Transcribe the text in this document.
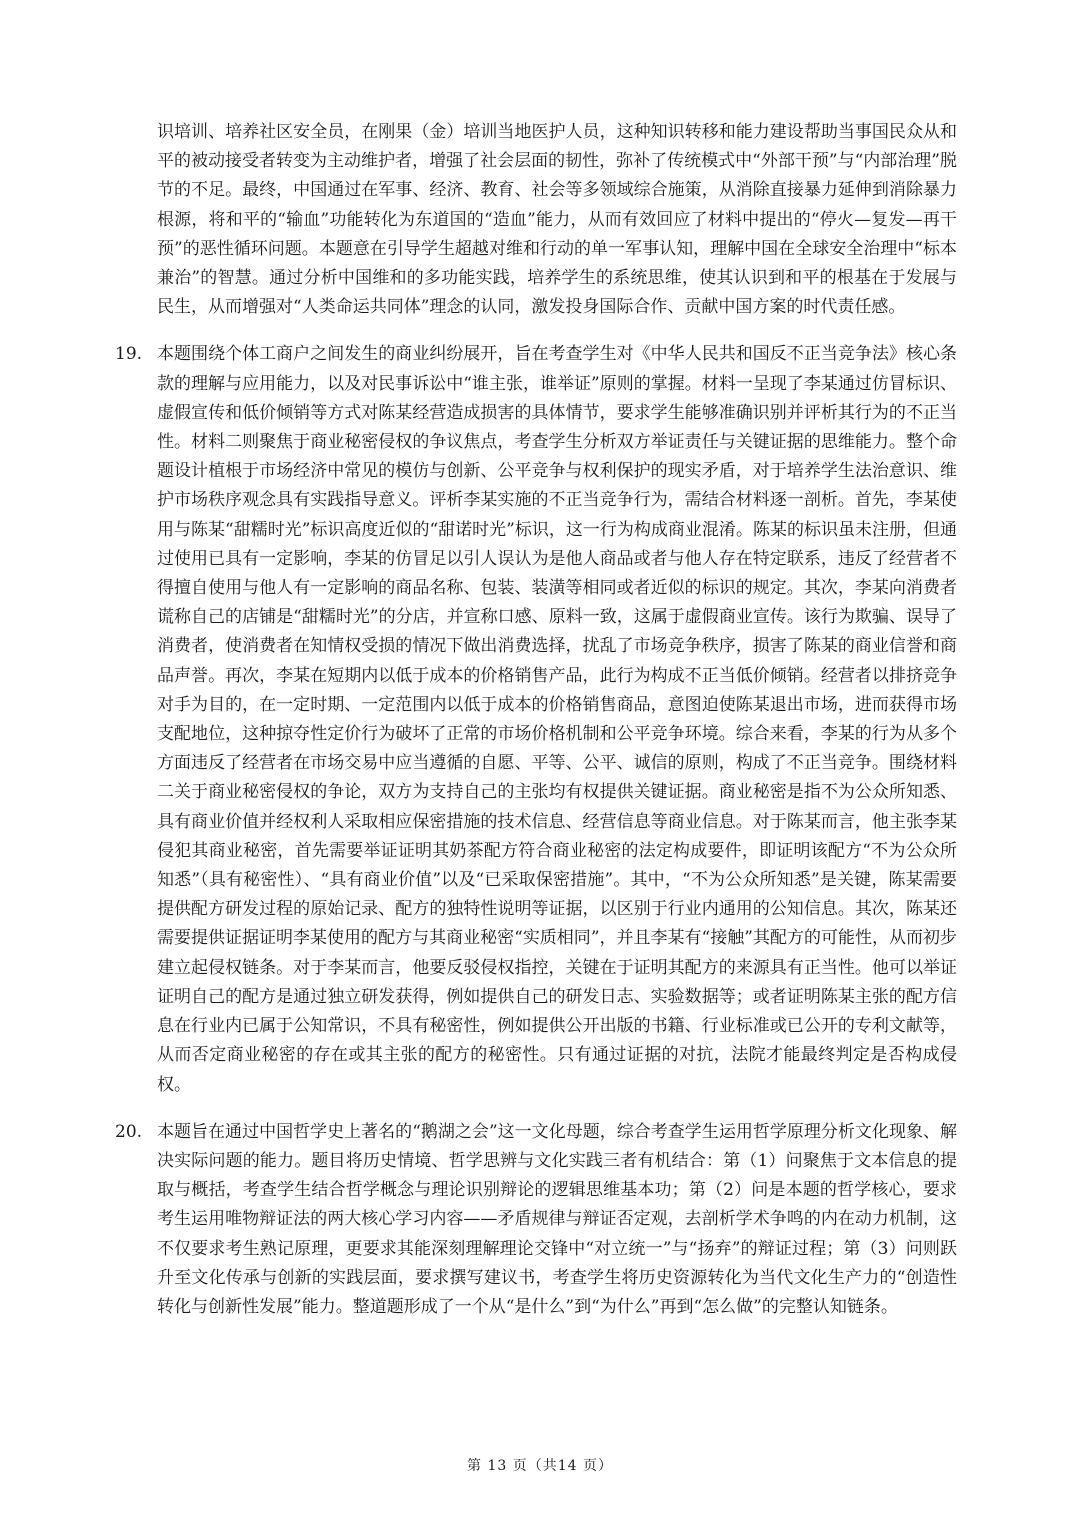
识培训、培养社区安全员，在刚果（金）培训当地医护人员，这种知识转移和能力建设帮助当事国民众从和平的被动接受者转变为主动维护者，增强了社会层面的韧性，弥补了传统模式中“外部干预”与“内部治理”脱节的不足。最终，中国通过在军事、经济、教育、社会等多领域综合施策，从消除直接暴力延伸到消除暴力根源，将和平的“输血”功能转化为东道国的“造血”能力，从而有效回应了材料中提出的“停火—复发—再干预”的恶性循环问题。本题意在引导学生超越对维和行动的单一军事认知，理解中国在全球安全治理中“标本兼治”的智慧。通过分析中国维和的多功能实践，培养学生的系统思维，使其认识到和平的根基在于发展与民生，从而增强对“人类命运共同体”理念的认同，激发投身国际合作、贡献中国方案的时代责任感。

19. 本题围绕个体工商户之间发生的商业纠纷展开，旨在考查学生对《中华人民共和国反不正当竞争法》核心条款的理解与应用能力，以及对民事诉讼中“谁主张，谁举证”原则的掌握。材料一呈现了李某通过仿冒标识、虚假宣传和低价倾销等方式对陈某经营造成损害的具体情节，要求学生能够准确识别并评析其行为的不正当性。材料二则聚焦于商业秘密侵权的争议焦点，考查学生分析双方举证责任与关键证据的思维能力。整个命题设计植根于市场经济中常见的模仿与创新、公平竞争与权利保护的现实矛盾，对于培养学生法治意识、维护市场秩序观念具有实践指导意义。评析李某实施的不正当竞争行为，需结合材料逐一剖析。首先，李某使用与陈某“甜糯时光”标识高度近似的“甜诺时光”标识，这一行为构成商业混淆。陈某的标识虽未注册，但通过使用已具有一定影响，李某的仿冒足以引人误认为是他人商品或者与他人存在特定联系，违反了经营者不得擅自使用与他人有一定影响的商品名称、包装、装潢等相同或者近似的标识的规定。其次，李某向消费者谎称自己的店铺是“甜糯时光”的分店，并宣称口感、原料一致，这属于虚假商业宣传。该行为欺骗、误导了消费者，使消费者在知情权受损的情况下做出消费选择，扰乱了市场竞争秩序，损害了陈某的商业信誉和商品声誉。再次，李某在短期内以低于成本的价格销售产品，此行为构成不正当低价倾销。经营者以排挤竞争对手为目的，在一定时期、一定范围内以低于成本的价格销售商品，意图迫使陈某退出市场，进而获得市场支配地位，这种掠夺性定价行为破坏了正常的市场价格机制和公平竞争环境。综合来看，李某的行为从多个方面违反了经营者在市场交易中应当遵循的自愿、平等、公平、诚信的原则，构成了不正当竞争。围绕材料二关于商业秘密侵权的争论，双方为支持自己的主张均有权提供关键证据。商业秘密是指不为公众所知悉、具有商业价值并经权利人采取相应保密措施的技术信息、经营信息等商业信息。对于陈某而言，他主张李某侵犯其商业秘密，首先需要举证证明其奶茶配方符合商业秘密的法定构成要件，即证明该配方“不为公众所知悉”（具有秘密性）、“具有商业价值”以及“已采取保密措施”。其中，“不为公众所知悉”是关键，陈某需要提供配方研发过程的原始记录、配方的独特性说明等证据，以区别于行业内通用的公知信息。其次，陈某还需要提供证据证明李某使用的配方与其商业秘密“实质相同”，并且李某有“接触”其配方的可能性，从而初步建立起侵权链条。对于李某而言，他要反驳侵权指控，关键在于证明其配方的来源具有正当性。他可以举证证明自己的配方是通过独立研发获得，例如提供自己的研发日志、实验数据等；或者证明陈某主张的配方信息在行业内已属于公知常识，不具有秘密性，例如提供公开出版的书籍、行业标准或已公开的专利文献等，从而否定商业秘密的存在或其主张的配方的秘密性。只有通过证据的对抗，法院才能最终判定是否构成侵权。

20. 本题旨在通过中国哲学史上著名的“鹅湖之会”这一文化母题，综合考查学生运用哲学原理分析文化现象、解决实际问题的能力。题目将历史情境、哲学思辨与文化实践三者有机结合：第（1）问聚焦于文本信息的提取与概括，考查学生结合哲学概念与理论识别辩论的逻辑思维基本功；第（2）问是本题的哲学核心，要求考生运用唯物辩证法的两大核心学习内容——矛盾规律与辩证否定观，去剖析学术争鸣的内在动力机制，这不仅要求考生熟记原理，更要求其能深刻理解理论交锋中“对立统一”与“扬弃”的辩证过程；第（3）问则跃升至文化传承与创新的实践层面，要求撰写建议书，考查学生将历史资源转化为当代文化生产力的“创造性转化与创新性发展”能力。整道题形成了一个从“是什么”到“为什么”再到“怎么做”的完整认知链条。

第 13 页（共14 页）
